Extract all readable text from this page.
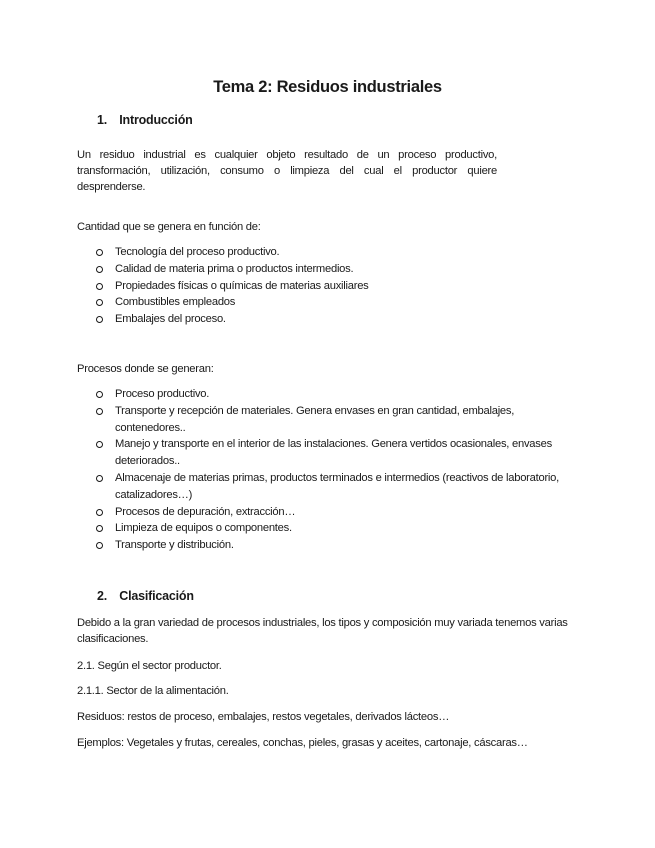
Tema 2: Residuos industriales
1. Introducción
Un residuo industrial es cualquier objeto resultado de un proceso productivo, transformación, utilización, consumo o limpieza del cual el productor quiere desprenderse.
Cantidad que se genera en función de:
Tecnología del proceso productivo.
Calidad de materia prima o productos intermedios.
Propiedades físicas o químicas de materias auxiliares
Combustibles empleados
Embalajes del proceso.
Procesos donde se generan:
Proceso productivo.
Transporte y recepción de materiales. Genera envases en gran cantidad, embalajes, contenedores..
Manejo y transporte en el interior de las instalaciones. Genera vertidos ocasionales, envases deteriorados..
Almacenaje de materias primas, productos terminados e intermedios (reactivos de laboratorio, catalizadores…)
Procesos de depuración, extracción…
Limpieza de equipos o componentes.
Transporte y distribución.
2. Clasificación
Debido a la gran variedad de procesos industriales, los tipos y composición muy variada tenemos varias clasificaciones.
2.1. Según el sector productor.
2.1.1. Sector de la alimentación.
Residuos: restos de proceso, embalajes, restos vegetales, derivados lácteos…
Ejemplos: Vegetales y frutas, cereales, conchas, pieles, grasas y aceites, cartonaje, cáscaras…
